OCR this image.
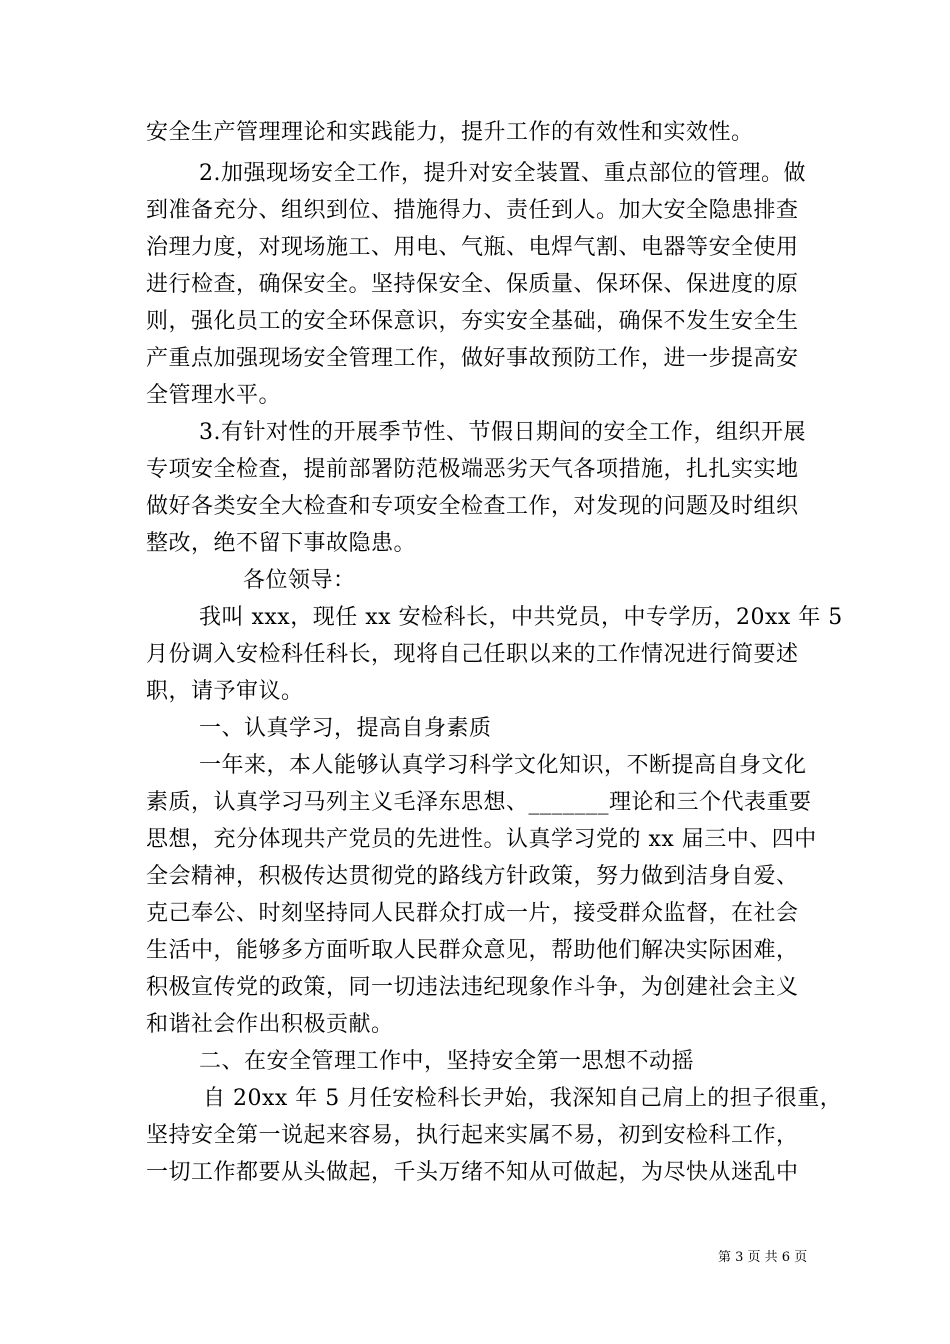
安全生产管理理论和实践能力，提升工作的有效性和实效性。
2.加强现场安全工作，提升对安全装置、重点部位的管理。做
到准备充分、组织到位、措施得力、责任到人。加大安全隐患排查
治理力度，对现场施工、用电、气瓶、电焊气割、电器等安全使用
进行检查，确保安全。坚持保安全、保质量、保环保、保进度的原
则，强化员工的安全环保意识，夯实安全基础，确保不发生安全生
产重点加强现场安全管理工作，做好事故预防工作，进一步提高安
全管理水平。
3.有针对性的开展季节性、节假日期间的安全工作，组织开展
专项安全检查，提前部署防范极端恶劣天气各项措施，扎扎实实地
做好各类安全大检查和专项安全检查工作，对发现的问题及时组织
整改，绝不留下事故隐患。
各位领导：
我叫 xxx，现任 xx 安检科长，中共党员，中专学历，20xx 年 5
月份调入安检科任科长，现将自己任职以来的工作情况进行简要述
职，请予审议。
一、认真学习，提高自身素质
一年来，本人能够认真学习科学文化知识，不断提高自身文化
素质，认真学习马列主义毛泽东思想、_______理论和三个代表重要
思想，充分体现共产党员的先进性。认真学习党的 xx 届三中、四中
全会精神，积极传达贯彻党的路线方针政策，努力做到洁身自爱、
克己奉公、时刻坚持同人民群众打成一片，接受群众监督，在社会
生活中，能够多方面听取人民群众意见，帮助他们解决实际困难，
积极宣传党的政策，同一切违法违纪现象作斗争，为创建社会主义
和谐社会作出积极贡献。
二、在安全管理工作中，坚持安全第一思想不动摇
自 20xx 年 5 月任安检科长尹始，我深知自己肩上的担子很重，
坚持安全第一说起来容易，执行起来实属不易，初到安检科工作，
一切工作都要从头做起，千头万绪不知从可做起，为尽快从迷乱中
第 3 页 共 6 页
